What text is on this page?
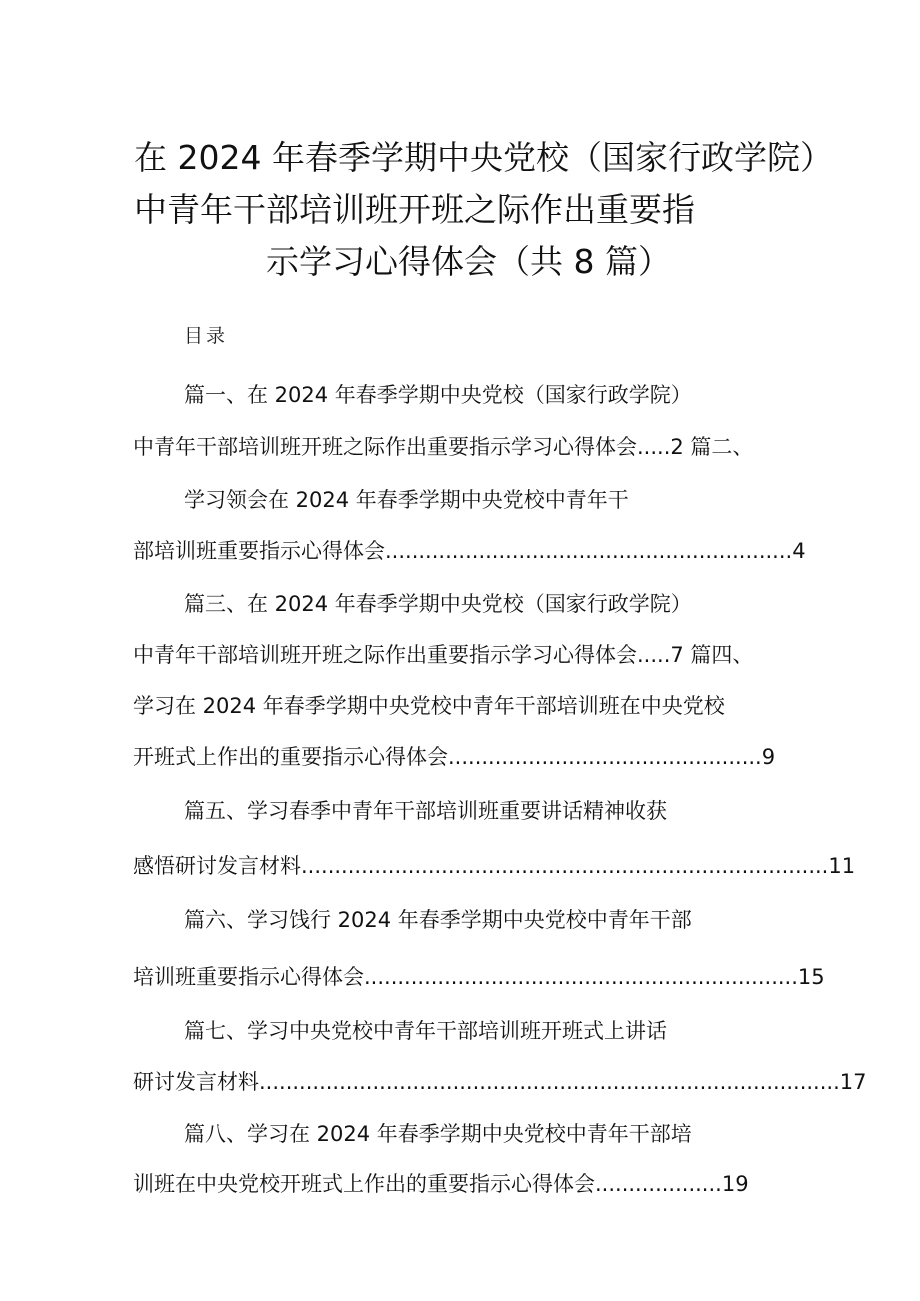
在 2024 年春季学期中央党校（国家行政学院）
中青年干部培训班开班之际作出重要指
示学习心得体会（共 8 篇）
目录
篇一、在 2024 年春季学期中央党校（国家行政学院）
中青年干部培训班开班之际作出重要指示学习心得体会.....2 篇二、
学习领会在 2024 年春季学期中央党校中青年干
部培训班重要指示心得体会.............................................................4
篇三、在 2024 年春季学期中央党校（国家行政学院）
中青年干部培训班开班之际作出重要指示学习心得体会.....7 篇四、
学习在 2024 年春季学期中央党校中青年干部培训班在中央党校
开班式上作出的重要指示心得体会...............................................9
篇五、学习春季中青年干部培训班重要讲话精神收获
感悟研讨发言材料...............................................................................11
篇六、学习饯行 2024 年春季学期中央党校中青年干部
培训班重要指示心得体会.................................................................15
篇七、学习中央党校中青年干部培训班开班式上讲话
研讨发言材料.......................................................................................17
篇八、学习在 2024 年春季学期中央党校中青年干部培
训班在中央党校开班式上作出的重要指示心得体会...................19
